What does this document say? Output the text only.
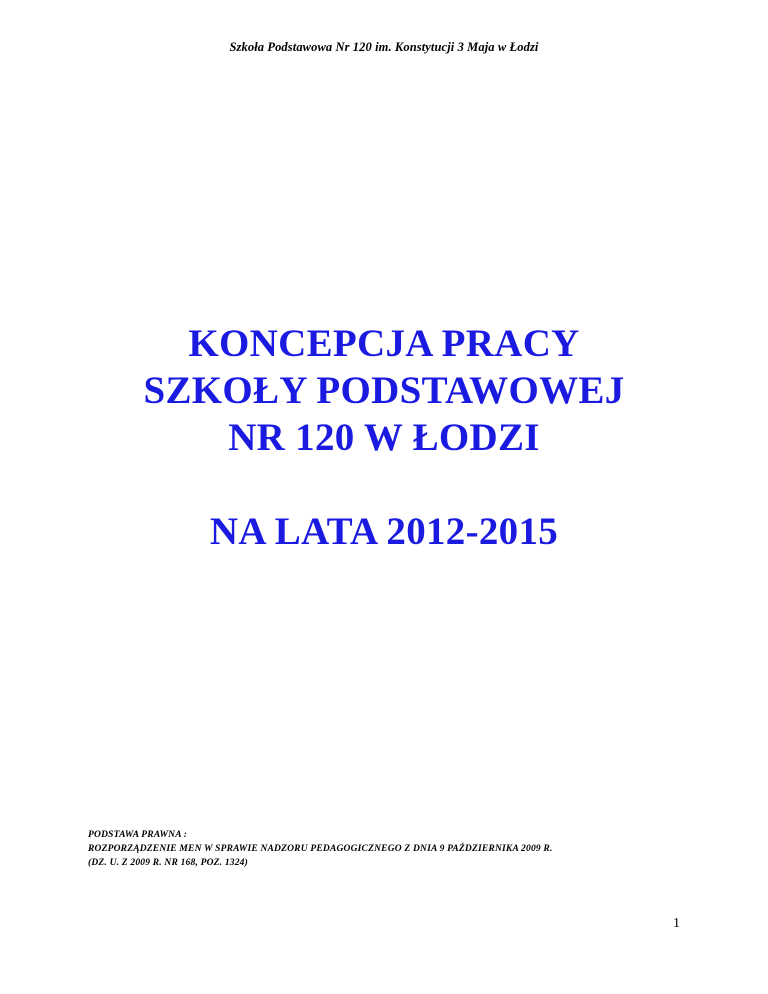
Szkoła Podstawowa Nr 120 im. Konstytucji 3 Maja w Łodzi
KONCEPCJA PRACY
SZKOŁY PODSTAWOWEJ
NR 120 W ŁODZI
NA LATA 2012-2015
PODSTAWA PRAWNA :
ROZPORZĄDZENIE MEN W SPRAWIE NADZORU PEDAGOGICZNEGO Z DNIA 9 PAŹDZIERNIKA 2009 R.
(DZ. U. Z 2009 R. NR 168, POZ. 1324)
1
